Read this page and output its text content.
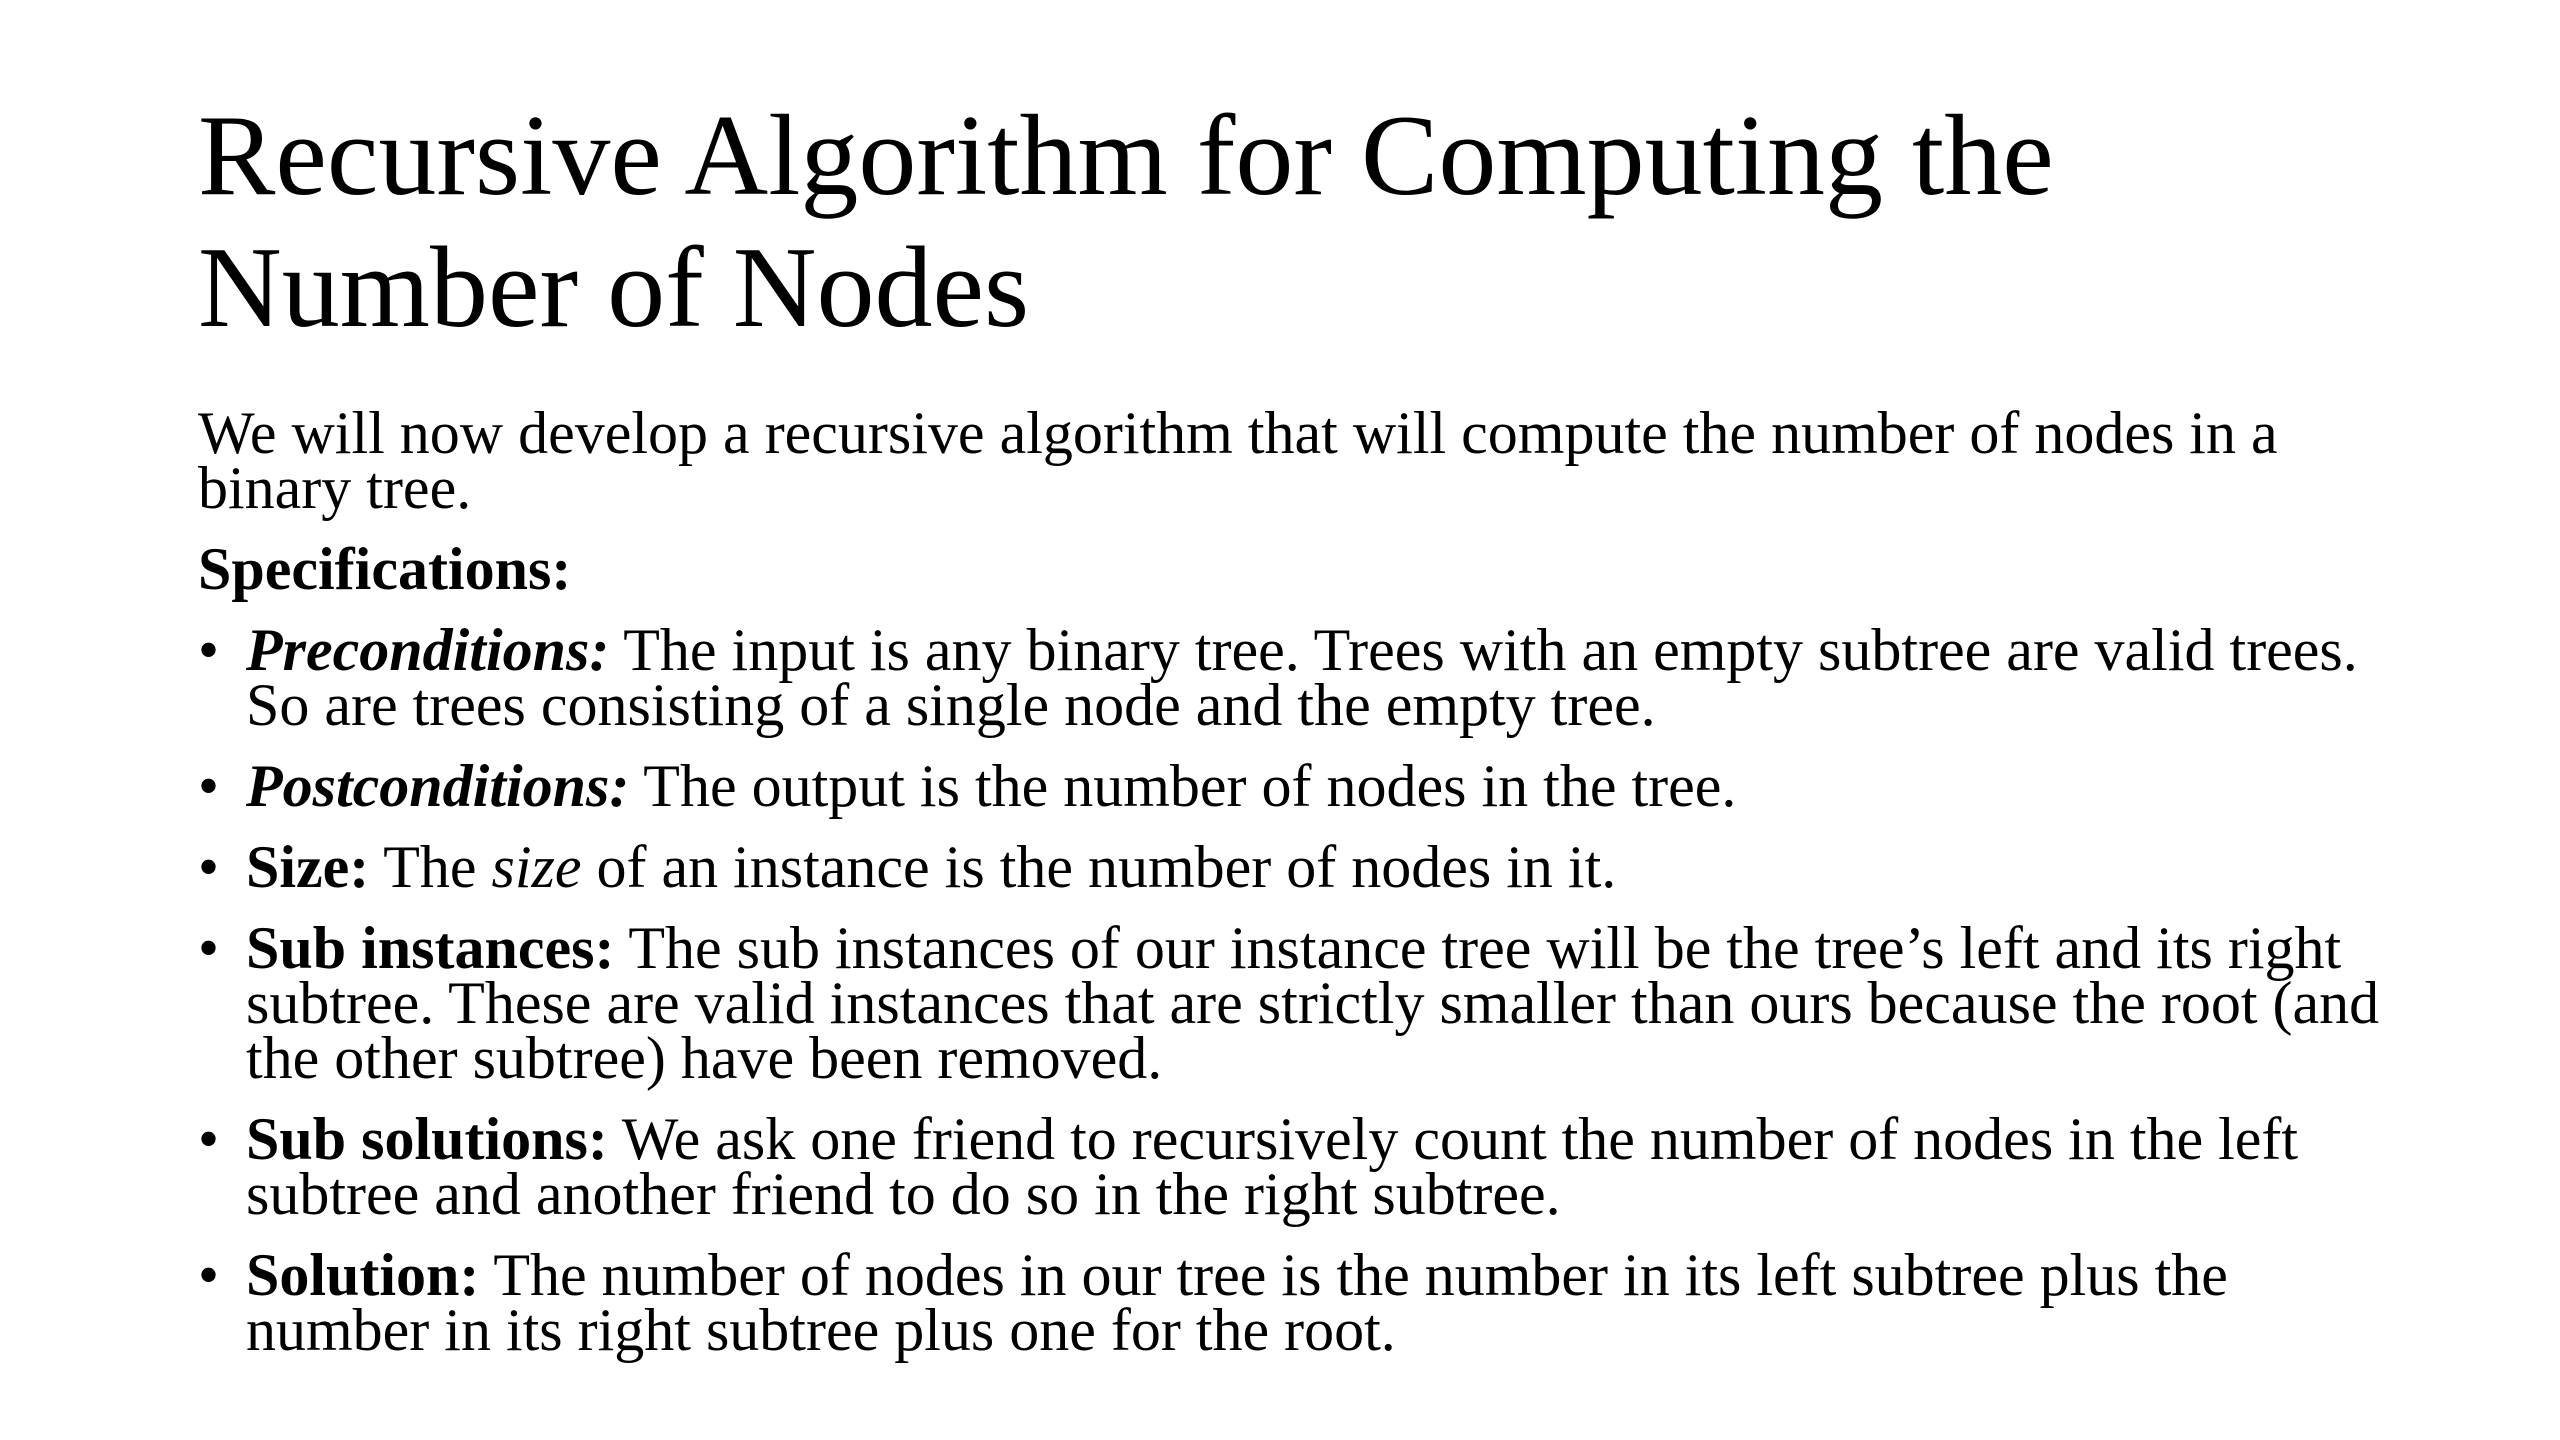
Recursive Algorithm for Computing the Number of Nodes

We will now develop a recursive algorithm that will compute the number of nodes in a binary tree.

Specifications:

• Preconditions: The input is any binary tree. Trees with an empty subtree are valid trees. So are trees consisting of a single node and the empty tree.
• Postconditions: The output is the number of nodes in the tree.
• Size: The size of an instance is the number of nodes in it.
• Sub instances: The sub instances of our instance tree will be the tree’s left and its right subtree. These are valid instances that are strictly smaller than ours because the root (and the other subtree) have been removed.
• Sub solutions: We ask one friend to recursively count the number of nodes in the left subtree and another friend to do so in the right subtree.
• Solution: The number of nodes in our tree is the number in its left subtree plus the number in its right subtree plus one for the root.
